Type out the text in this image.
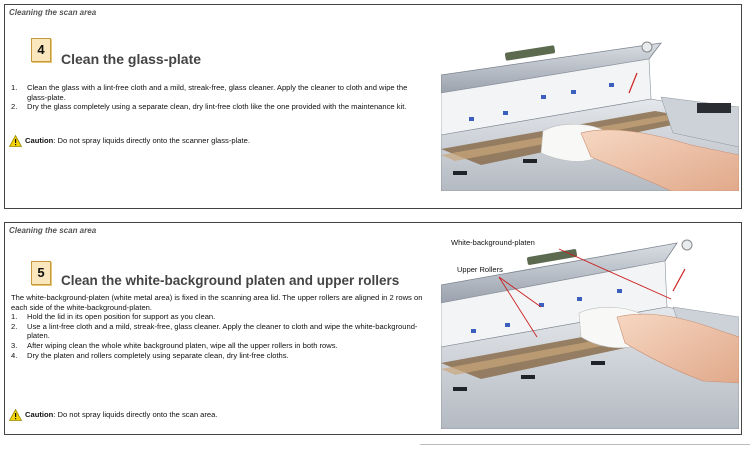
Cleaning the scan area
4
Clean the glass-plate
1. Clean the glass with a lint-free cloth and a mild, streak-free, glass cleaner. Apply the cleaner to cloth and wipe the glass-plate.
2. Dry the glass completely using a separate clean, dry lint-free cloth like the one provided with the maintenance kit.
Caution: Do not spray liquids directly onto the scanner glass-plate.
Cleaning the scan area
5
Clean the white-background platen and upper rollers
The white-background-platen (white metal area) is fixed in the scanning area lid. The upper rollers are aligned in 2 rows on each side of the white-background-platen.
1. Hold the lid in its open position for support as you clean.
2. Use a lint-free cloth and a mild, streak-free, glass cleaner. Apply the cleaner to cloth and wipe the white-background-platen.
3. After wiping clean the whole white background platen, wipe all the upper rollers in both rows.
4. Dry the platen and rollers completely using separate clean, dry lint-free cloths.
Caution: Do not spray liquids directly onto the scan area.
White-background-platen
Upper Rollers
